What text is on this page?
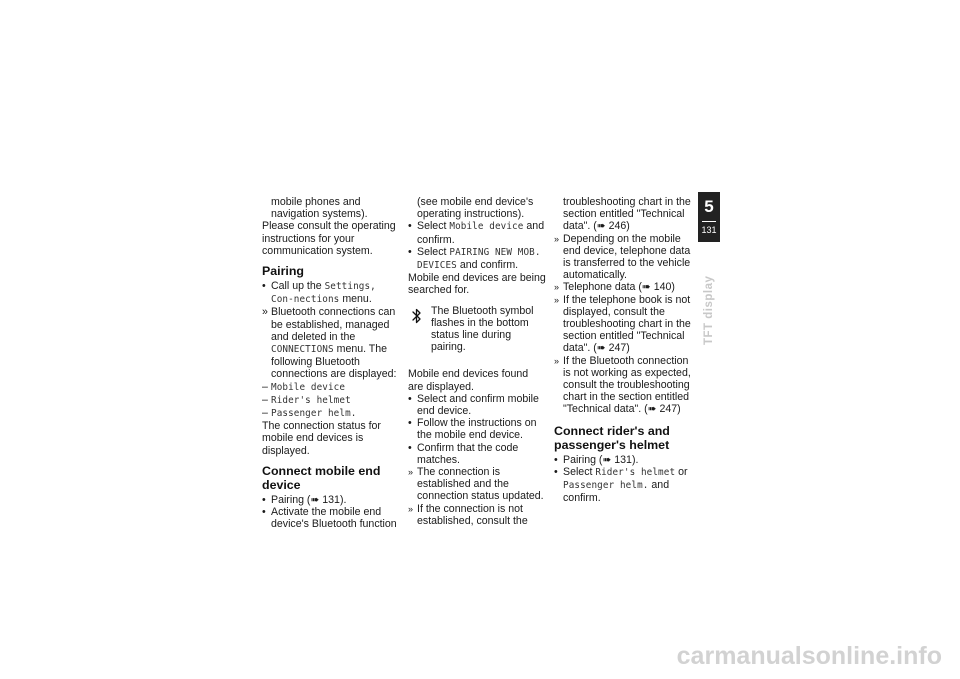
mobile phones and navigation systems).

Please consult the operating instructions for your communication system.

Pairing
• Call up the Settings, Con-nections menu.
» Bluetooth connections can be established, managed and deleted in the CONNECTIONS menu. The following Bluetooth connections are displayed:
– Mobile device
– Rider's helmet
– Passenger helm.

The connection status for mobile end devices is displayed.

Connect mobile end device
• Pairing (➠ 131).
• Activate the mobile end device's Bluetooth function

(see mobile end device's operating instructions).

• Select Mobile device and confirm.
• Select PAIRING NEW MOB. DEVICES and confirm.

Mobile end devices are being searched for.

The Bluetooth symbol flashes in the bottom status line during pairing.

Mobile end devices found are displayed.

• Select and confirm mobile end device.
• Follow the instructions on the mobile end device.
• Confirm that the code matches.
» The connection is established and the connection status updated.
» If the connection is not established, consult the

troubleshooting chart in the section entitled "Technical data". (➠ 246)

» Depending on the mobile end device, telephone data is transferred to the vehicle automatically.
» Telephone data (➠ 140)
» If the telephone book is not displayed, consult the troubleshooting chart in the section entitled "Technical data". (➠ 247)
» If the Bluetooth connection is not working as expected, consult the troubleshooting chart in the section entitled "Technical data". (➠ 247)
Connect rider's and passenger's helmet
• Pairing (➠ 131).
• Select Rider's helmet or Passenger helm. and confirm.
5
131
TFT display
carmanualsonline.info
